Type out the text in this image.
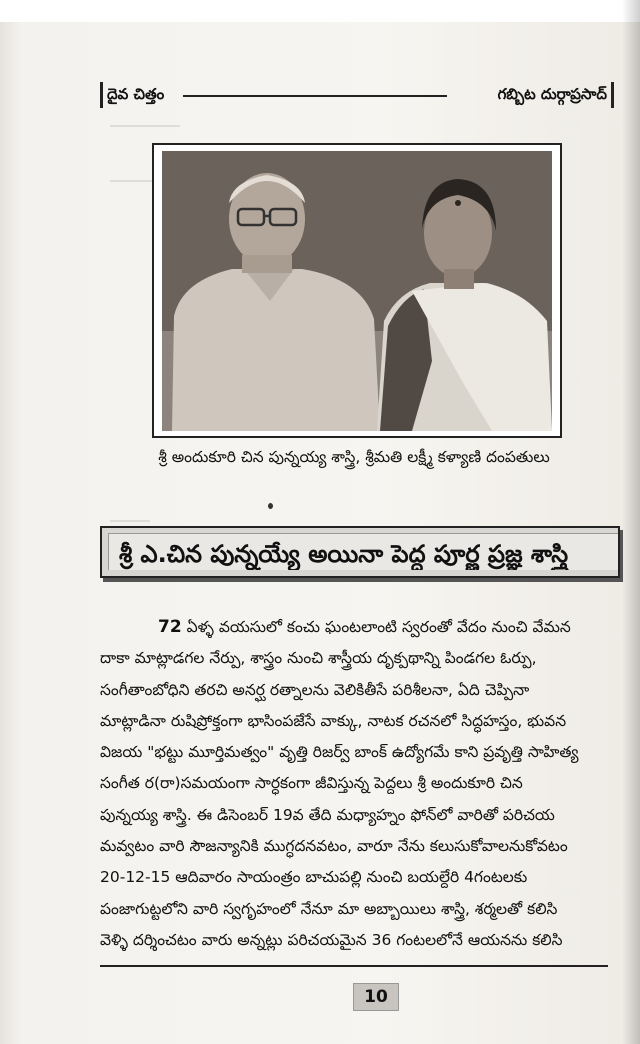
దైవ చిత్తం	గబ్బిట దుర్గాప్రసాద్
శ్రీ అందుకూరి చిన పున్నయ్య శాస్త్రి, శ్రీమతి లక్ష్మీ కళ్యాణి దంపతులు
శ్రీ ఎ.చిన పున్నయ్యే అయినా పెద్ద పూర్ణ ప్రజ్ఞ శాస్త్రి
72 ఏళ్ళ వయసులో కంచు ఘంటలాంటి స్వరంతో వేదం నుంచి వేమన
దాకా మాట్లాడగల నేర్పు, శాస్త్రం నుంచి శాస్త్రీయ దృక్పథాన్ని పిండగల ఓర్పు,
సంగీతాంబోధిని తరచి అనర్ఘ రత్నాలను వెలికితీసే పరిశీలనా, ఏది చెప్పినా
మాట్లాడినా రుషిప్రోక్తంగా భాసింపజేసే వాక్కు, నాటక రచనలో సిద్ధహస్తం, భువన
విజయ "భట్టు మూర్తిమత్వం" వృత్తి రిజర్వ్ బాంక్ ఉద్యోగమే కాని ప్రవృత్తి సాహిత్య
సంగీత ర(రా)సమయంగా సార్ధకంగా జీవిస్తున్న పెద్దలు శ్రీ అందుకూరి చిన
పున్నయ్య శాస్త్రి. ఈ డిసెంబర్ 19వ తేది మధ్యాహ్నం ఫోన్‌లో వారితో పరిచయ
మవ్వటం వారి సౌజన్యానికి ముగ్ధదనవటం, వారూ నేను కలుసుకోవాలనుకోవటం
20-12-15 ఆదివారం సాయంత్రం బాచుపల్లి నుంచి బయల్దేరి 4గంటలకు
పంజాగుట్టలోని వారి స్వగృహంలో నేనూ మా అబ్బాయిలు శాస్త్రి, శర్మలతో కలిసి
వెళ్ళి దర్శించటం వారు అన్నట్లు పరిచయమైన 36 గంటలలోనే ఆయనను కలిసి
10
